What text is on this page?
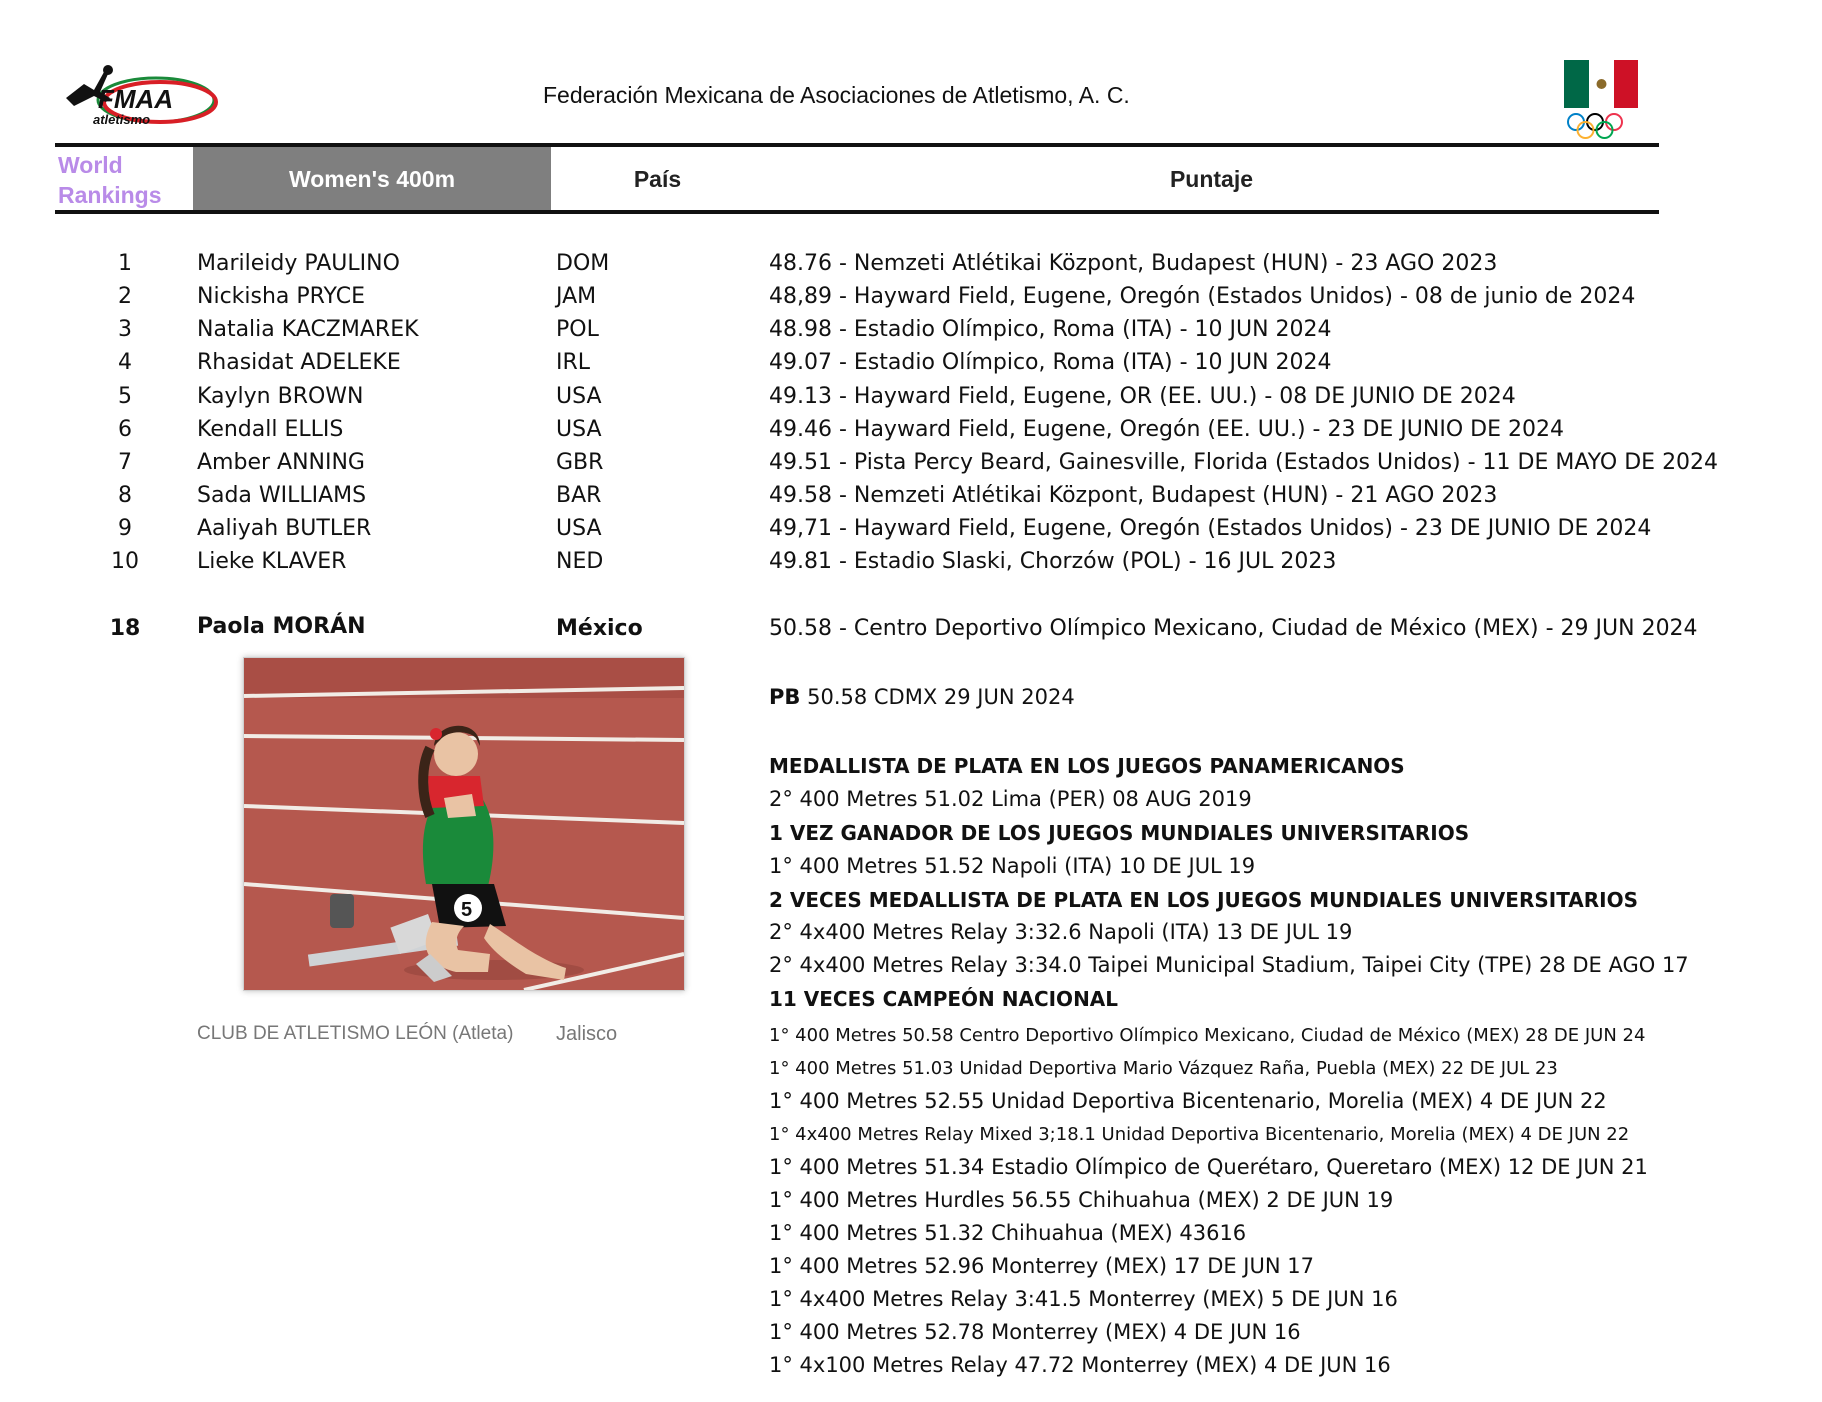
FMAA
atletismo
Federación Mexicana de Asociaciones de Atletismo, A. C.
World
Rankings
Women's 400m	País	Puntaje
1	Marileidy PAULINO	DOM	48.76 - Nemzeti Atlétikai Központ, Budapest (HUN) - 23 AGO 2023
2	Nickisha PRYCE	JAM	48,89 - Hayward Field, Eugene, Oregón (Estados Unidos) - 08 de junio de 2024
3	Natalia KACZMAREK	POL	48.98 - Estadio Olímpico, Roma (ITA) - 10 JUN 2024
4	Rhasidat ADELEKE	IRL	49.07 - Estadio Olímpico, Roma (ITA) - 10 JUN 2024
5	Kaylyn BROWN	USA	49.13 - Hayward Field, Eugene, OR (EE. UU.) - 08 DE JUNIO DE 2024
6	Kendall ELLIS	USA	49.46 - Hayward Field, Eugene, Oregón (EE. UU.) - 23 DE JUNIO DE 2024
7	Amber ANNING	GBR	49.51 - Pista Percy Beard, Gainesville, Florida (Estados Unidos) - 11 DE MAYO DE 2024
8	Sada WILLIAMS	BAR	49.58 - Nemzeti Atlétikai Központ, Budapest (HUN) - 21 AGO 2023
9	Aaliyah BUTLER	USA	49,71 - Hayward Field, Eugene, Oregón (Estados Unidos) - 23 DE JUNIO DE 2024
10	Lieke KLAVER	NED	49.81 - Estadio Slaski, Chorzów (POL) - 16 JUL 2023
18	Paola MORÁN	México	50.58 - Centro Deportivo Olímpico Mexicano, Ciudad de México (MEX) - 29 JUN 2024
5
CLUB DE ATLETISMO LEÓN (Atleta) Jalisco
PB 50.58 CDMX 29 JUN 2024
MEDALLISTA DE PLATA EN LOS JUEGOS PANAMERICANOS
2° 400 Metres 51.02 Lima (PER) 08 AUG 2019
1 VEZ GANADOR DE LOS JUEGOS MUNDIALES UNIVERSITARIOS
1° 400 Metres 51.52 Napoli (ITA) 10 DE JUL 19
2 VECES MEDALLISTA DE PLATA EN LOS JUEGOS MUNDIALES UNIVERSITARIOS
2° 4x400 Metres Relay 3:32.6 Napoli (ITA) 13 DE JUL 19
2° 4x400 Metres Relay 3:34.0 Taipei Municipal Stadium, Taipei City (TPE) 28 DE AGO 17
11 VECES CAMPEÓN NACIONAL
1° 400 Metres 50.58 Centro Deportivo Olímpico Mexicano, Ciudad de México (MEX) 28 DE JUN 24
1° 400 Metres 51.03 Unidad Deportiva Mario Vázquez Raña, Puebla (MEX) 22 DE JUL 23
1° 400 Metres 52.55 Unidad Deportiva Bicentenario, Morelia (MEX) 4 DE JUN 22
1° 4x400 Metres Relay Mixed 3;18.1 Unidad Deportiva Bicentenario, Morelia (MEX) 4 DE JUN 22
1° 400 Metres 51.34 Estadio Olímpico de Querétaro, Queretaro (MEX) 12 DE JUN 21
1° 400 Metres Hurdles 56.55 Chihuahua (MEX) 2 DE JUN 19
1° 400 Metres 51.32 Chihuahua (MEX) 43616
1° 400 Metres 52.96 Monterrey (MEX) 17 DE JUN 17
1° 4x400 Metres Relay 3:41.5 Monterrey (MEX) 5 DE JUN 16
1° 400 Metres 52.78 Monterrey (MEX) 4 DE JUN 16
1° 4x100 Metres Relay 47.72 Monterrey (MEX) 4 DE JUN 16
